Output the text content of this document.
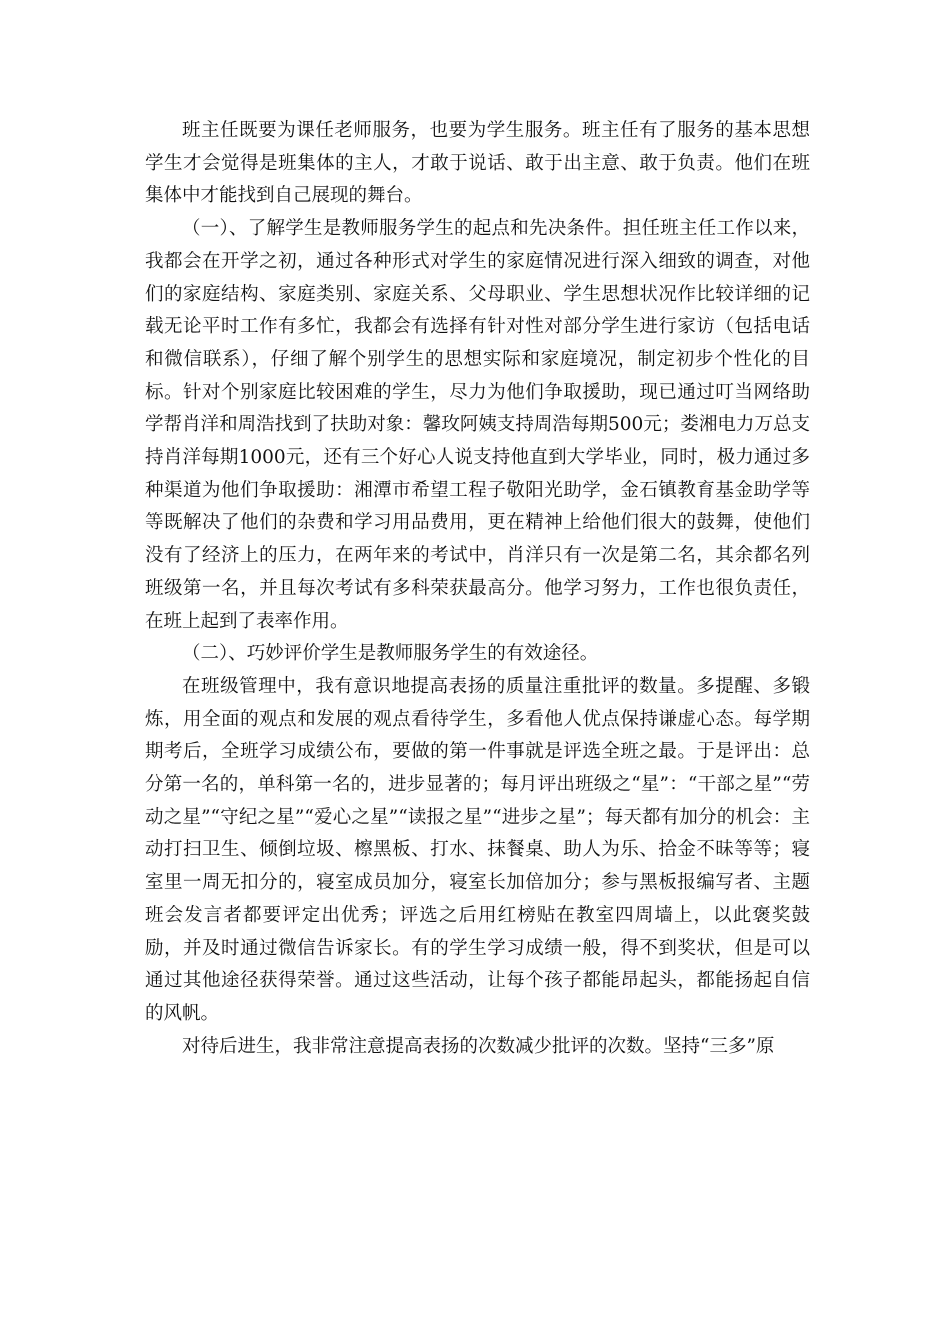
班主任既要为课任老师服务，也要为学生服务。班主任有了服务的基本思想学生才会觉得是班集体的主人，才敢于说话、敢于出主意、敢于负责。他们在班集体中才能找到自己展现的舞台。

（一）、了解学生是教师服务学生的起点和先决条件。担任班主任工作以来，我都会在开学之初，通过各种形式对学生的家庭情况进行深入细致的调查，对他们的家庭结构、家庭类别、家庭关系、父母职业、学生思想状况作比较详细的记载无论平时工作有多忙，我都会有选择有针对性对部分学生进行家访（包括电话和微信联系），仔细了解个别学生的思想实际和家庭境况，制定初步个性化的目标。针对个别家庭比较困难的学生，尽力为他们争取援助，现已通过叮当网络助学帮肖洋和周浩找到了扶助对象：馨玫阿姨支持周浩每期500元；娄湘电力万总支持肖洋每期1000元，还有三个好心人说支持他直到大学毕业，同时，极力通过多种渠道为他们争取援助：湘潭市希望工程子敬阳光助学，金石镇教育基金助学等等既解决了他们的杂费和学习用品费用，更在精神上给他们很大的鼓舞，使他们没有了经济上的压力，在两年来的考试中，肖洋只有一次是第二名，其余都名列班级第一名，并且每次考试有多科荣获最高分。他学习努力，工作也很负责任，在班上起到了表率作用。

（二）、巧妙评价学生是教师服务学生的有效途径。

在班级管理中，我有意识地提高表扬的质量注重批评的数量。多提醒、多锻炼，用全面的观点和发展的观点看待学生，多看他人优点保持谦虚心态。每学期期考后，全班学习成绩公布，要做的第一件事就是评选全班之最。于是评出：总分第一名的，单科第一名的，进步显著的；每月评出班级之“星”：“干部之星”“劳动之星”“守纪之星”“爱心之星”“读报之星”“进步之星”；每天都有加分的机会：主动打扫卫生、倾倒垃圾、檫黑板、打水、抹餐桌、助人为乐、拾金不昧等等；寝室里一周无扣分的，寝室成员加分，寝室长加倍加分；参与黑板报编写者、主题班会发言者都要评定出优秀；评选之后用红榜贴在教室四周墙上，以此褒奖鼓励，并及时通过微信告诉家长。有的学生学习成绩一般，得不到奖状，但是可以通过其他途径获得荣誉。通过这些活动，让每个孩子都能昂起头，都能扬起自信的风帆。

对待后进生，我非常注意提高表扬的次数减少批评的次数。坚持“三多”原
